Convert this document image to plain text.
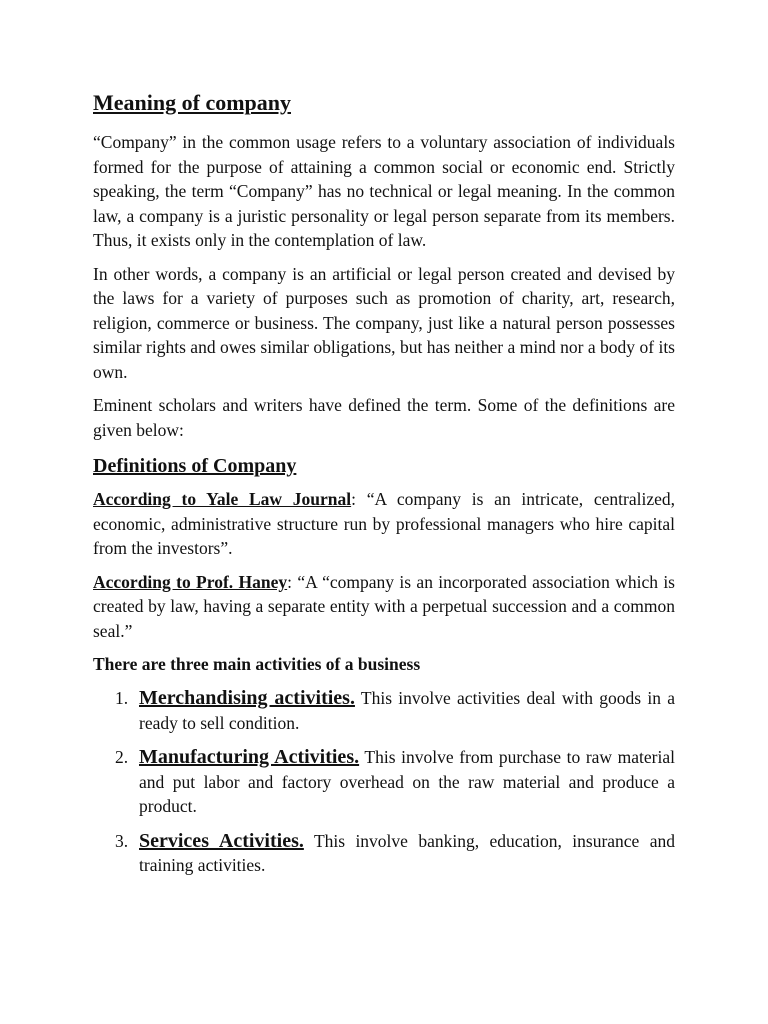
Meaning of company

“Company” in the common usage refers to a voluntary association of individuals formed for the purpose of attaining a common social or economic end. Strictly speaking, the term “Company” has no technical or legal meaning. In the common law, a company is a juristic personality or legal person separate from its members. Thus, it exists only in the contemplation of law.

In other words, a company is an artificial or legal person created and devised by the laws for a variety of purposes such as promotion of charity, art, research, religion, commerce or business. The company, just like a natural person possesses similar rights and owes similar obligations, but has neither a mind nor a body of its own.

Eminent scholars and writers have defined the term. Some of the definitions are given below:

Definitions of Company

According to Yale Law Journal: “A company is an intricate, centralized, economic, administrative structure run by professional managers who hire capital from the investors”.

According to Prof. Haney: “A “company is an incorporated association which is created by law, having a separate entity with a perpetual succession and a common seal.”

There are three main activities of a business
1. Merchandising activities. This involve activities deal with goods in a ready to sell condition.
2. Manufacturing Activities. This involve from purchase to raw material and put labor and factory overhead on the raw material and produce a product.
3. Services Activities. This involve banking, education, insurance and training activities.
